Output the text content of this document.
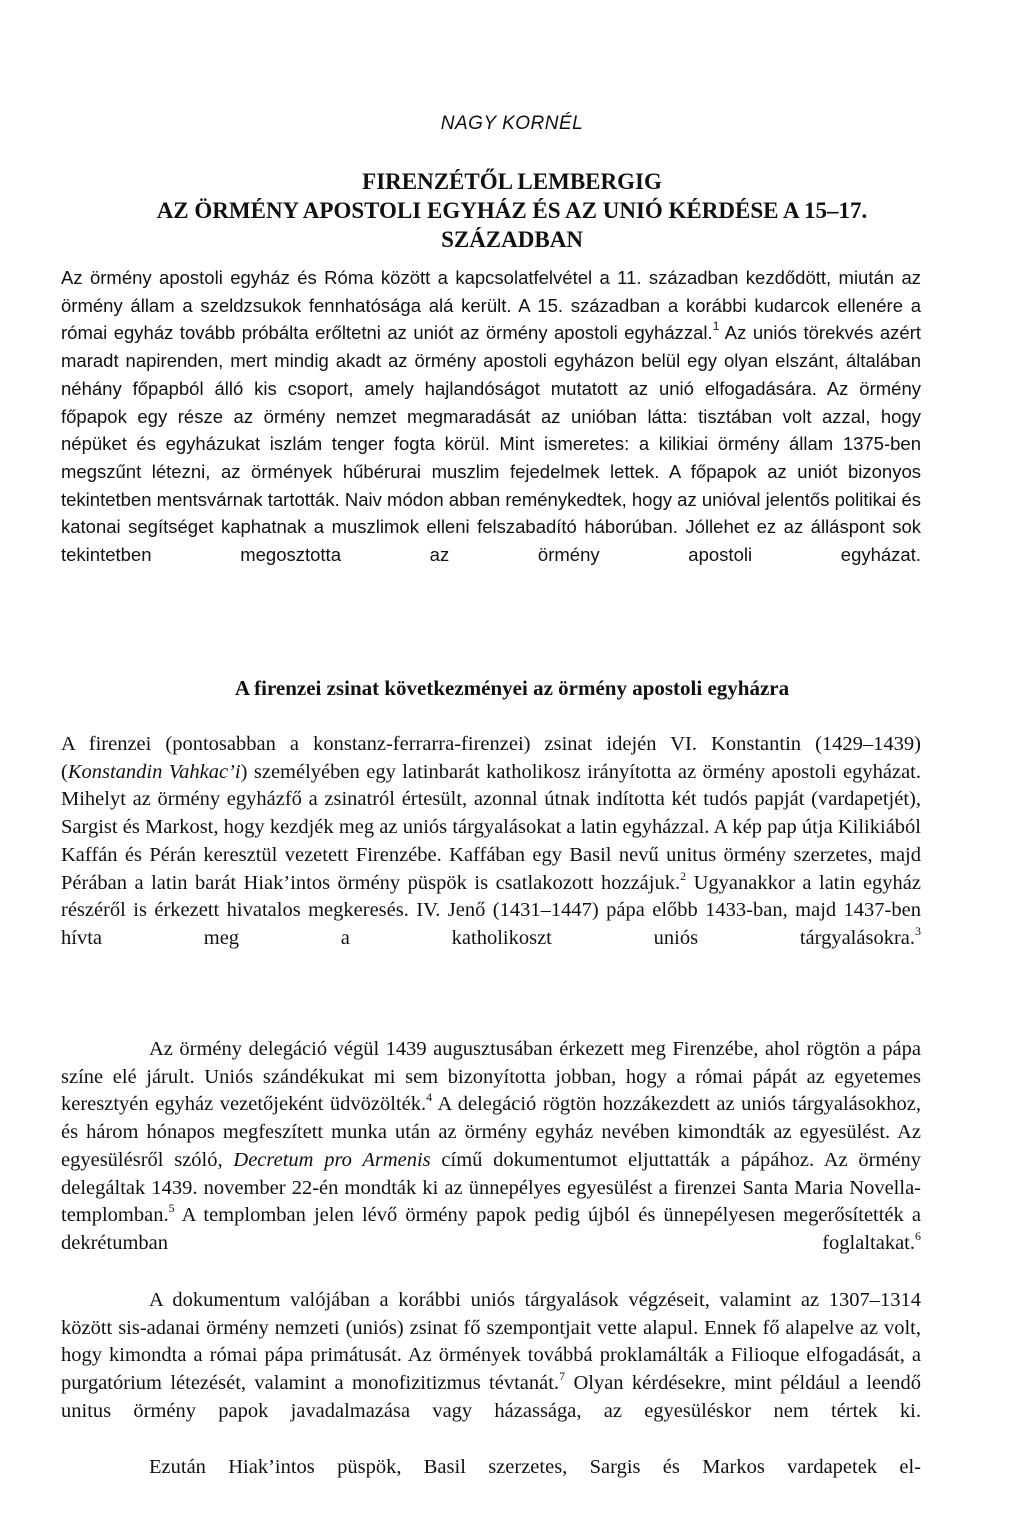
NAGY KORNÉL
FIRENZÉTŐL LEMBERGIG
AZ ÖRMÉNY APOSTOLI EGYHÁZ ÉS AZ UNIÓ KÉRDÉSE A 15–17.
SZÁZADBAN

Az örmény apostoli egyház és Róma között a kapcsolatfelvétel a 11. században kezdődött, miután az örmény állam a szeldzsukok fennhatósága alá került. A 15. században a korábbi kudarcok ellenére a római egyház tovább próbálta erőltetni az uniót az örmény apostoli egyházzal.$^1$ Az uniós törekvés azért maradt napirenden, mert mindig akadt az örmény apostoli egyházon belül egy olyan elszánt, általában néhány főpapból álló kis csoport, amely hajlandóságot mutatott az unió elfogadására. Az örmény főpapok egy része az örmény nemzet megmaradását az unióban látta: tisztában volt azzal, hogy népüket és egyházukat iszlám tenger fogta körül. Mint ismeretes: a kilikiai örmény állam 1375-ben megszűnt létezni, az örmények hűbérurai muszlim fejedelmek lettek. A főpapok az uniót bizonyos tekintetben mentsvárnak tartották. Naiv módon abban reménykedtek, hogy az unióval jelentős politikai és katonai segítséget kaphatnak a muszlimok elleni felszabadító háborúban. Jóllehet ez az álláspont sok tekintetben megosztotta az örmény apostoli egyházat.

A firenzei zsinat következményei az örmény apostoli egyházra

A firenzei (pontosabban a konstanz-ferrarra-firenzei) zsinat idején VI. Konstantin (1429–1439) (Konstandin Vahkac’i) személyében egy latinbarát katholikosz irányította az örmény apostoli egyházat. Mihelyt az örmény egyházfő a zsinatról értesült, azonnal útnak indította két tudós papját (vardapetjét), Sargist és Markost, hogy kezdjék meg az uniós tárgyalásokat a latin egyházzal. A kép pap útja Kilikiából Kaffán és Pérán keresztül vezetett Firenzébe. Kaffában egy Basil nevű unitus örmény szerzetes, majd Pérában a latin barát Hiak’intos örmény püspök is csatlakozott hozzájuk.$^2$ Ugyanakkor a latin egyház részéről is érkezett hivatalos megkeresés. IV. Jenő (1431–1447) pápa előbb 1433-ban, majd 1437-ben hívta meg a katholikoszt uniós tárgyalásokra.$^3$

Az örmény delegáció végül 1439 augusztusában érkezett meg Firenzébe, ahol rögtön a pápa színe elé járult. Uniós szándékukat mi sem bizonyította jobban, hogy a római pápát az egyetemes keresztyén egyház vezetőjeként üdvözölték.$^4$ A delegáció rögtön hozzákezdett az uniós tárgyalásokhoz, és három hónapos megfeszített munka után az örmény egyház nevében kimondták az egyesülést. Az egyesülésről szóló, Decretum pro Armenis című dokumentumot eljuttatták a pápához. Az örmény delegáltak 1439. november 22-én mondták ki az ünnepélyes egyesülést a firenzei Santa Maria Novella-templomban.$^5$ A templomban jelen lévő örmény papok pedig újból és ünnepélyesen megerősítették a dekrétumban foglaltakat.$^6$

A dokumentum valójában a korábbi uniós tárgyalások végzéseit, valamint az 1307–1314 között sis-adanai örmény nemzeti (uniós) zsinat fő szempontjait vette alapul. Ennek fő alapelve az volt, hogy kimondta a római pápa primátusát. Az örmények továbbá proklamálták a Filioque elfogadását, a purgatórium létezését, valamint a monofizitizmus tévtanát.$^7$ Olyan kérdésekre, mint például a leendő unitus örmény papok javadalmazása vagy házassága, az egyesüléskor nem tértek ki.

Ezután Hiak’intos püspök, Basil szerzetes, Sargis és Markos vardapetek el-
